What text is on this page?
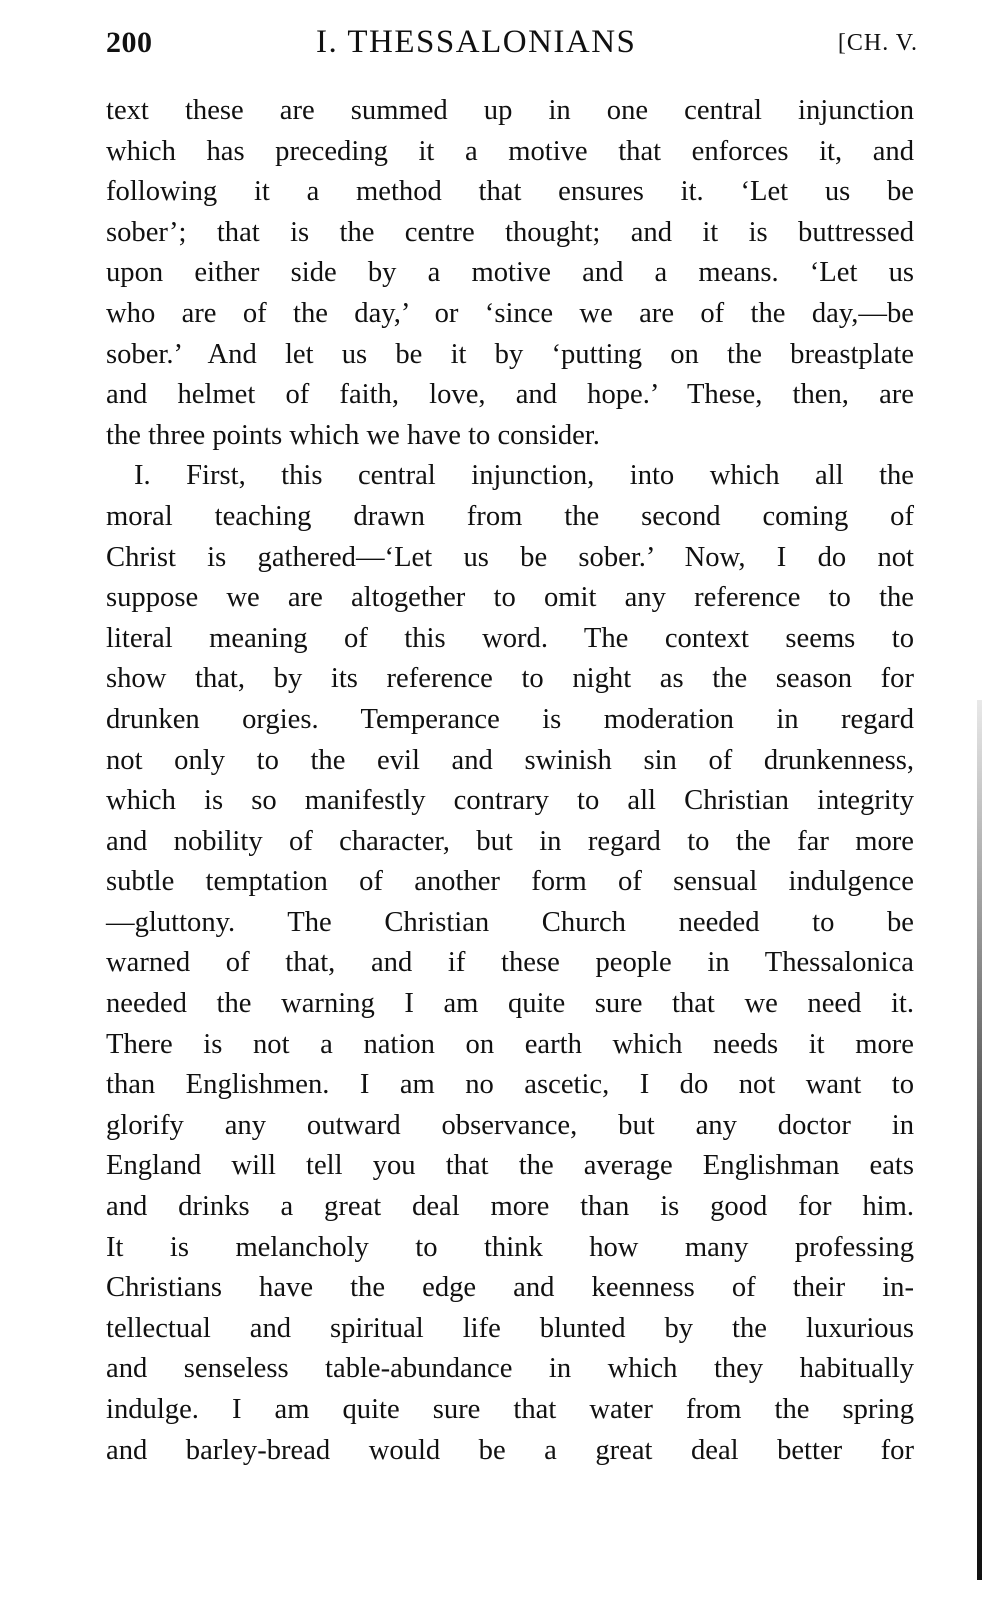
200	I. THESSALONIANS	[CH. V.
text these are summed up in one central injunction
which has preceding it a motive that enforces it, and
following it a method that ensures it. ‘Let us be
sober’; that is the centre thought; and it is buttressed
upon either side by a motive and a means. ‘Let us
who are of the day,’ or ‘since we are of the day,—be
sober.’ And let us be it by ‘putting on the breastplate
and helmet of faith, love, and hope.’ These, then, are
the three points which we have to consider.
I. First, this central injunction, into which all the
moral teaching drawn from the second coming of
Christ is gathered—‘Let us be sober.’ Now, I do not
suppose we are altogether to omit any reference to the
literal meaning of this word. The context seems to
show that, by its reference to night as the season for
drunken orgies. Temperance is moderation in regard
not only to the evil and swinish sin of drunkenness,
which is so manifestly contrary to all Christian integrity
and nobility of character, but in regard to the far more
subtle temptation of another form of sensual indulgence
—gluttony. The Christian Church needed to be
warned of that, and if these people in Thessalonica
needed the warning I am quite sure that we need it.
There is not a nation on earth which needs it more
than Englishmen. I am no ascetic, I do not want to
glorify any outward observance, but any doctor in
England will tell you that the average Englishman eats
and drinks a great deal more than is good for him.
It is melancholy to think how many professing
Christians have the edge and keenness of their in-
tellectual and spiritual life blunted by the luxurious
and senseless table-abundance in which they habitually
indulge. I am quite sure that water from the spring
and barley-bread would be a great deal better for
